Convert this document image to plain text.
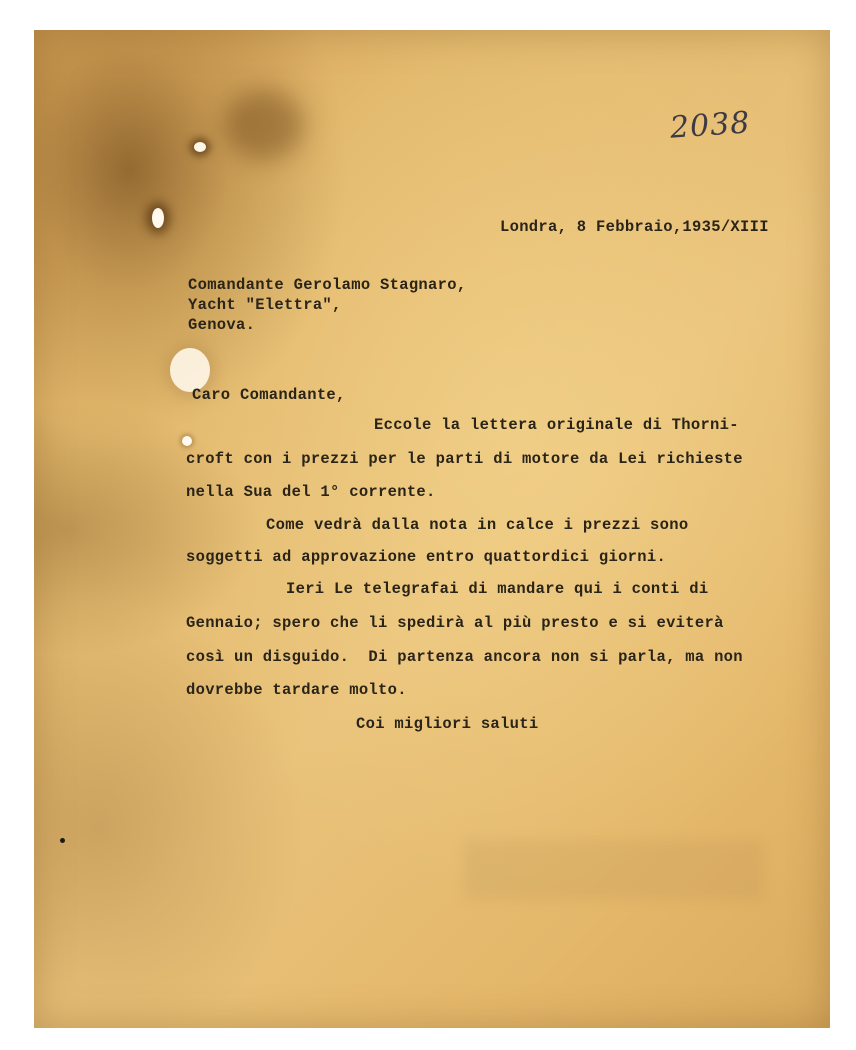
2038
Londra, 8 Febbraio,1935/XIII
Comandante Gerolamo Stagnaro,
Yacht "Elettra",
Genova.
Caro Comandante,
Eccole la lettera originale di Thorni-
croft con i prezzi per le parti di motore da Lei richieste
nella Sua del 1° corrente.
Come vedrà dalla nota in calce i prezzi sono
soggetti ad approvazione entro quattordici giorni.
Ieri Le telegrafai di mandare qui i conti di
Gennaio; spero che li spedirà al più presto e si eviterà
così un disguido.  Di partenza ancora non si parla, ma non
dovrebbe tardare molto.
Coi migliori saluti
